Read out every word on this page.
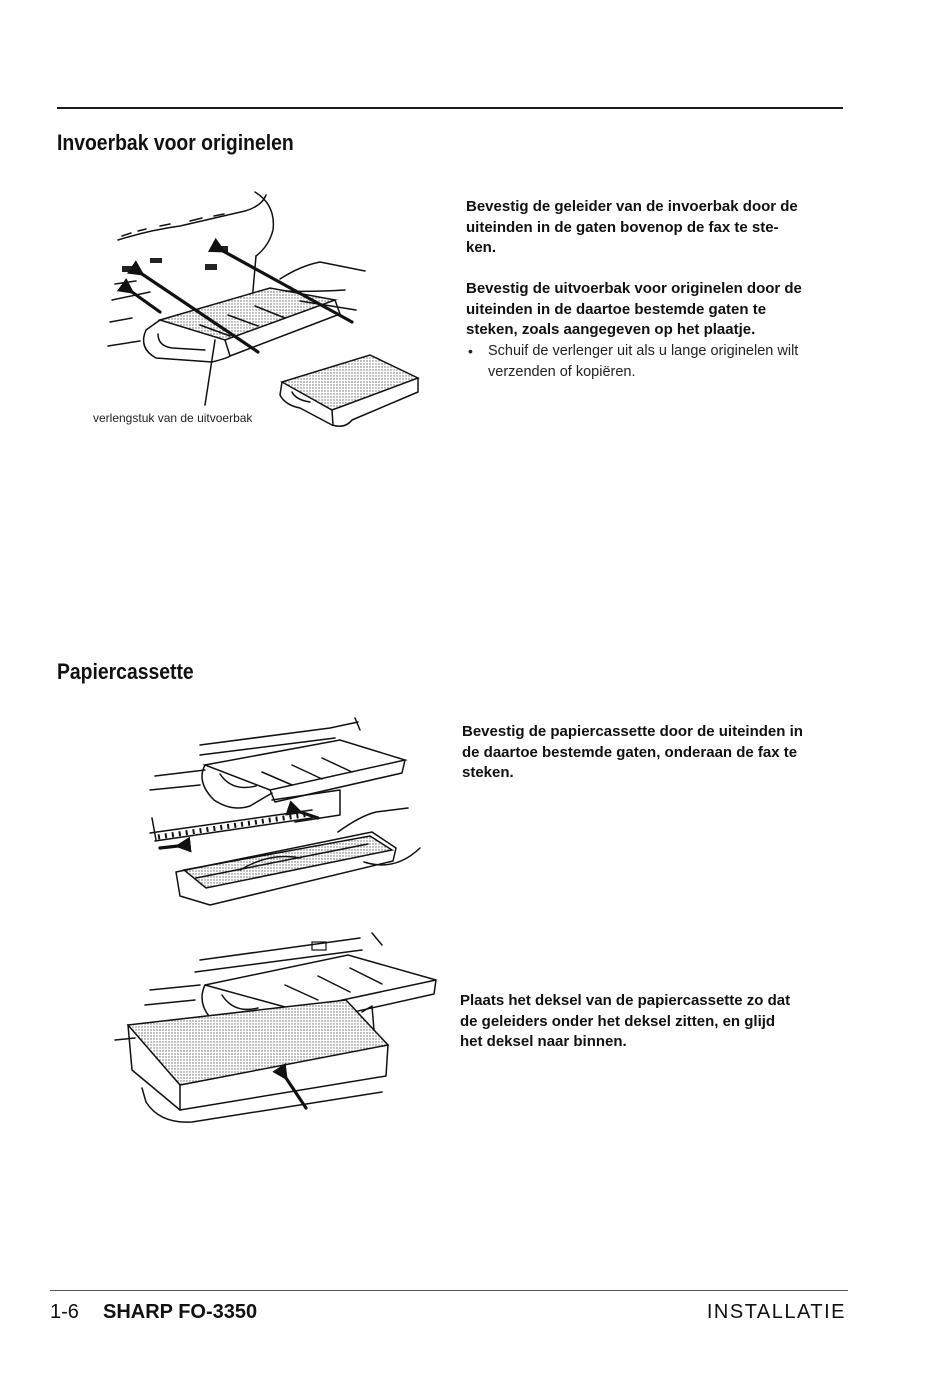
Invoerbak voor originelen
verlengstuk van de uitvoerbak
Bevestig de geleider van de invoerbak door de
uiteinden in de gaten bovenop de fax te ste-
ken.
Bevestig de uitvoerbak voor originelen door de
uiteinden in de daartoe bestemde gaten te
steken, zoals aangegeven op het plaatje.
• Schuif de verlenger uit als u lange originelen wilt
verzenden of kopiëren.
Papiercassette
Bevestig de papiercassette door de uiteinden in
de daartoe bestemde gaten, onderaan de fax te
steken.
Plaats het deksel van de papiercassette zo dat
de geleiders onder het deksel zitten, en glijd
het deksel naar binnen.
1-6 SHARP FO-3350	INSTALLATIE
